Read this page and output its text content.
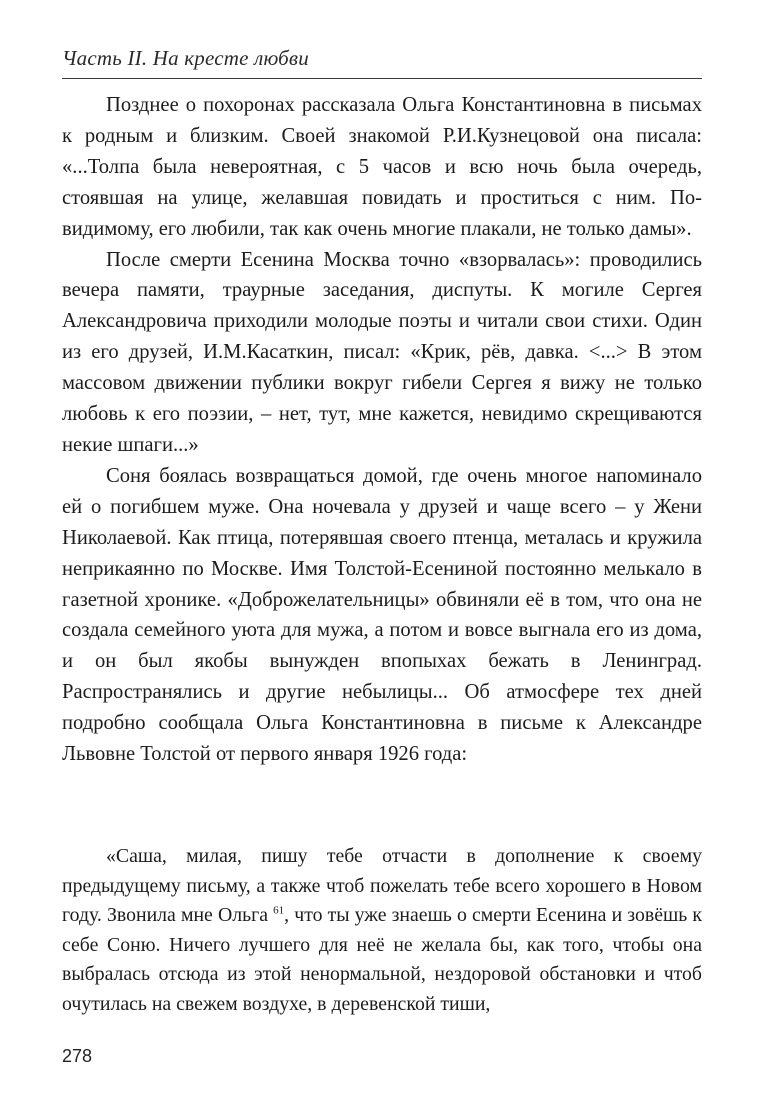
Часть II. На кресте любви

Позднее о похоронах рассказала Ольга Константиновна в письмах к родным и близким. Своей знакомой Р.И.Кузнецовой она писала: «...Толпа была невероятная, с 5 часов и всю ночь была очередь, стоявшая на улице, желавшая повидать и проститься с ним. По-видимому, его любили, так как очень многие плакали, не только дамы».

После смерти Есенина Москва точно «взорвалась»: проводились вечера памяти, траурные заседания, диспуты. К могиле Сергея Александровича приходили молодые поэты и читали свои стихи. Один из его друзей, И.М.Касаткин, писал: «Крик, рёв, давка. <...> В этом массовом движении публики вокруг гибели Сергея я вижу не только любовь к его поэзии, – нет, тут, мне кажется, невидимо скрещиваются некие шпаги...»

Соня боялась возвращаться домой, где очень многое напоминало ей о погибшем муже. Она ночевала у друзей и чаще всего – у Жени Николаевой. Как птица, потерявшая своего птенца, металась и кружила неприкаянно по Москве. Имя Толстой-Есениной постоянно мелькало в газетной хронике. «Доброжелательницы» обвиняли её в том, что она не создала семейного уюта для мужа, а потом и вовсе выгнала его из дома, и он был якобы вынужден впопыхах бежать в Ленинград. Распространялись и другие небылицы... Об атмосфере тех дней подробно сообщала Ольга Константиновна в письме к Александре Львовне Толстой от первого января 1926 года:

«Саша, милая, пишу тебе отчасти в дополнение к своему предыдущему письму, а также чтоб пожелать тебе всего хорошего в Новом году. Звонила мне Ольга $^{61}$, что ты уже знаешь о смерти Есенина и зовёшь к себе Соню. Ничего лучшего для неё не желала бы, как того, чтобы она выбралась отсюда из этой ненормальной, нездоровой обстановки и чтоб очутилась на свежем воздухе, в деревенской тиши,

278
